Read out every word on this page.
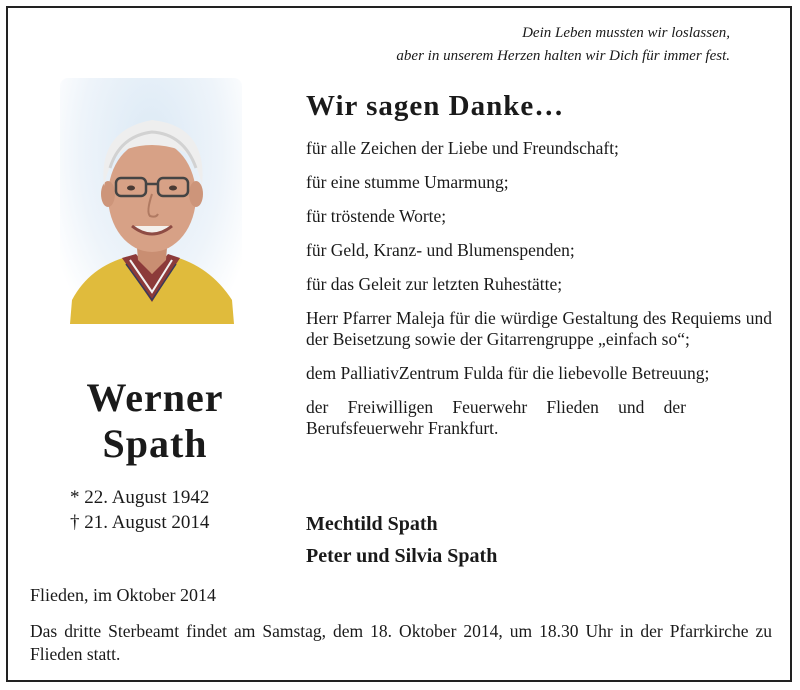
Dein Leben mussten wir loslassen,
aber in unserem Herzen halten wir Dich für immer fest.
Werner
Spath
* 22. August 1942
† 21. August 2014
Wir sagen Danke…

für alle Zeichen der Liebe und Freundschaft;

für eine stumme Umarmung;

für tröstende Worte;

für Geld, Kranz- und Blumenspenden;

für das Geleit zur letzten Ruhestätte;

Herr Pfarrer Maleja für die würdige Gestaltung des Requiems und der Beisetzung sowie der Gitarrengruppe „einfach so“;

dem PalliativZentrum Fulda für die liebevolle Betreuung;

der Freiwilligen Feuerwehr Flieden und der Berufsfeuerwehr Frankfurt.

Mechtild Spath
Peter und Silvia Spath
Flieden, im Oktober 2014
Das dritte Sterbeamt findet am Samstag, dem 18. Oktober 2014, um 18.30 Uhr in der Pfarrkirche zu Flieden statt.
